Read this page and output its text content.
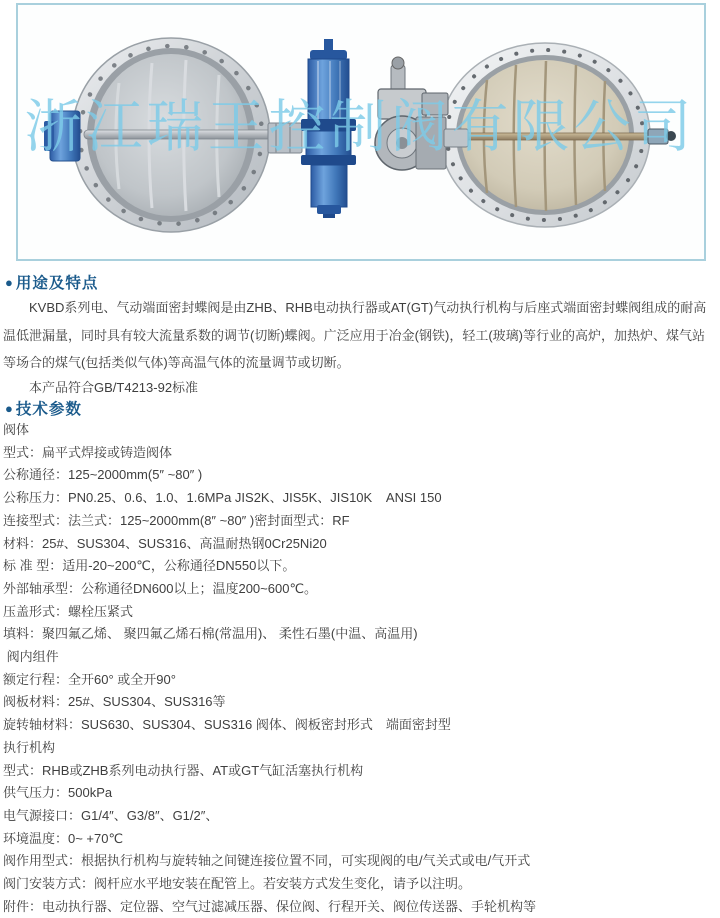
浙江瑞王控制阀有限公司
● 用途及特点

KVBD系列电、气动端面密封蝶阀是由ZHB、RHB电动执行器或AT(GT)气动执行机构与后座式端面密封蝶阀组成的耐高温低泄漏量，同时具有较大流量系数的调节(切断)蝶阀。广泛应用于冶金(钢铁)，轻工(玻璃)等行业的高炉，加热炉、煤气站等场合的煤气(包括类似气体)等高温气体的流量调节或切断。

本产品符合GB/T4213-92标准

● 技术参数
阀体
型式：扁平式焊接或铸造阀体
公称通径：125~2000mm(5″ ~80″ )
公称压力：PN0.25、0.6、1.0、1.6MPa JIS2K、JIS5K、JIS10K    ANSI 150
连接型式：法兰式：125~2000mm(8″ ~80″ )密封面型式：RF
材料：25#、SUS304、SUS316、高温耐热钢0Cr25Ni20
标 准 型：适用-20~200℃，公称通径DN550以下。
外部轴承型：公称通径DN600以上；温度200~600℃。
压盖形式：螺栓压紧式
填料：聚四氟乙烯、 聚四氟乙烯石棉(常温用)、 柔性石墨(中温、高温用)
阀内组件
额定行程：全开60° 或全开90°
阀板材料：25#、SUS304、SUS316等
旋转轴材料：SUS630、SUS304、SUS316 阀体、阀板密封形式　端面密封型
执行机构
型式：RHB或ZHB系列电动执行器、AT或GT气缸活塞执行机构
供气压力：500kPa
电气源接口：G1/4″、G3/8″、G1/2″、
环境温度：0~ +70℃
阀作用型式：根据执行机构与旋转轴之间键连接位置不同，可实现阀的电/气关式或电/气开式
阀门安装方式：阀杆应水平地安装在配管上。若安装方式发生变化，请予以注明。
附件：电动执行器、定位器、空气过滤减压器、保位阀、行程开关、阀位传送器、手轮机构等
